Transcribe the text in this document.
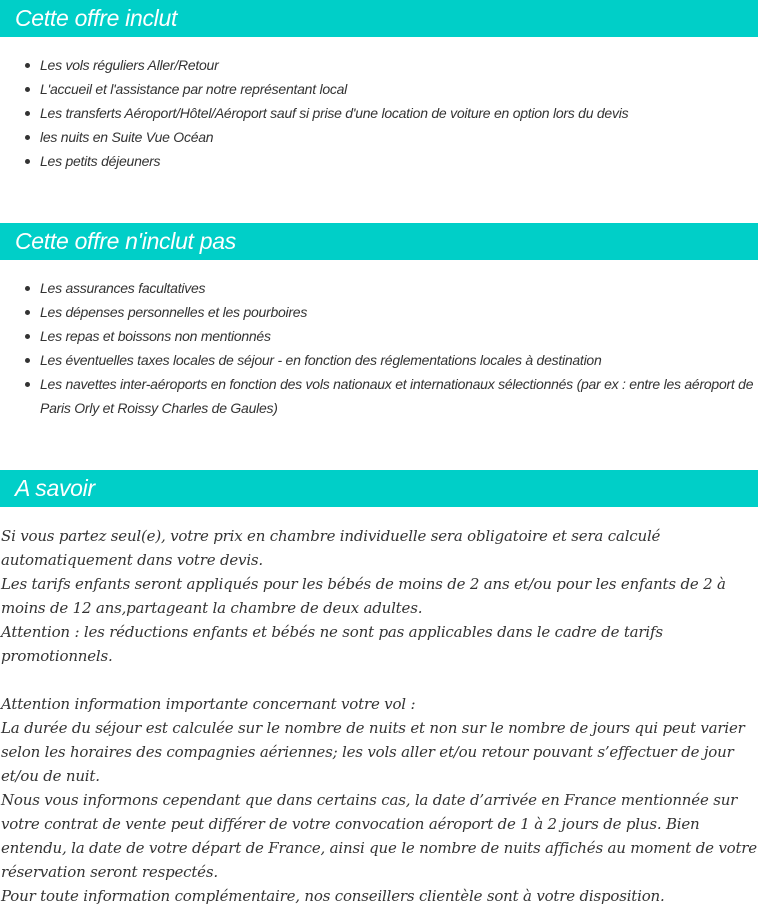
Cette offre inclut
Les vols réguliers Aller/Retour
L'accueil et l'assistance par notre représentant local
Les transferts Aéroport/Hôtel/Aéroport sauf si prise d'une location de voiture en option lors du devis
les nuits en Suite Vue Océan
Les petits déjeuners
Cette offre n'inclut pas
Les assurances facultatives
Les dépenses personnelles et les pourboires
Les repas et boissons non mentionnés
Les éventuelles taxes locales de séjour - en fonction des réglementations locales à destination
Les navettes inter-aéroports en fonction des vols nationaux et internationaux sélectionnés (par ex : entre les aéroport de Paris Orly et Roissy Charles de Gaules)
A savoir

Si vous partez seul(e), votre prix en chambre individuelle sera obligatoire et sera calculé automatiquement dans votre devis.

Les tarifs enfants seront appliqués pour les bébés de moins de 2 ans et/ou pour les enfants de 2 à moins de 12 ans,partageant la chambre de deux adultes.

Attention : les réductions enfants et bébés ne sont pas applicables dans le cadre de tarifs promotionnels.

Attention information importante concernant votre vol :

La durée du séjour est calculée sur le nombre de nuits et non sur le nombre de jours qui peut varier selon les horaires des compagnies aériennes; les vols aller et/ou retour pouvant s’effectuer de jour et/ou de nuit.

Nous vous informons cependant que dans certains cas, la date d’arrivée en France mentionnée sur votre contrat de vente peut différer de votre convocation aéroport de 1 à 2 jours de plus. Bien entendu, la date de votre départ de France, ainsi que le nombre de nuits affichés au moment de votre réservation seront respectés.

Pour toute information complémentaire, nos conseillers clientèle sont à votre disposition.
